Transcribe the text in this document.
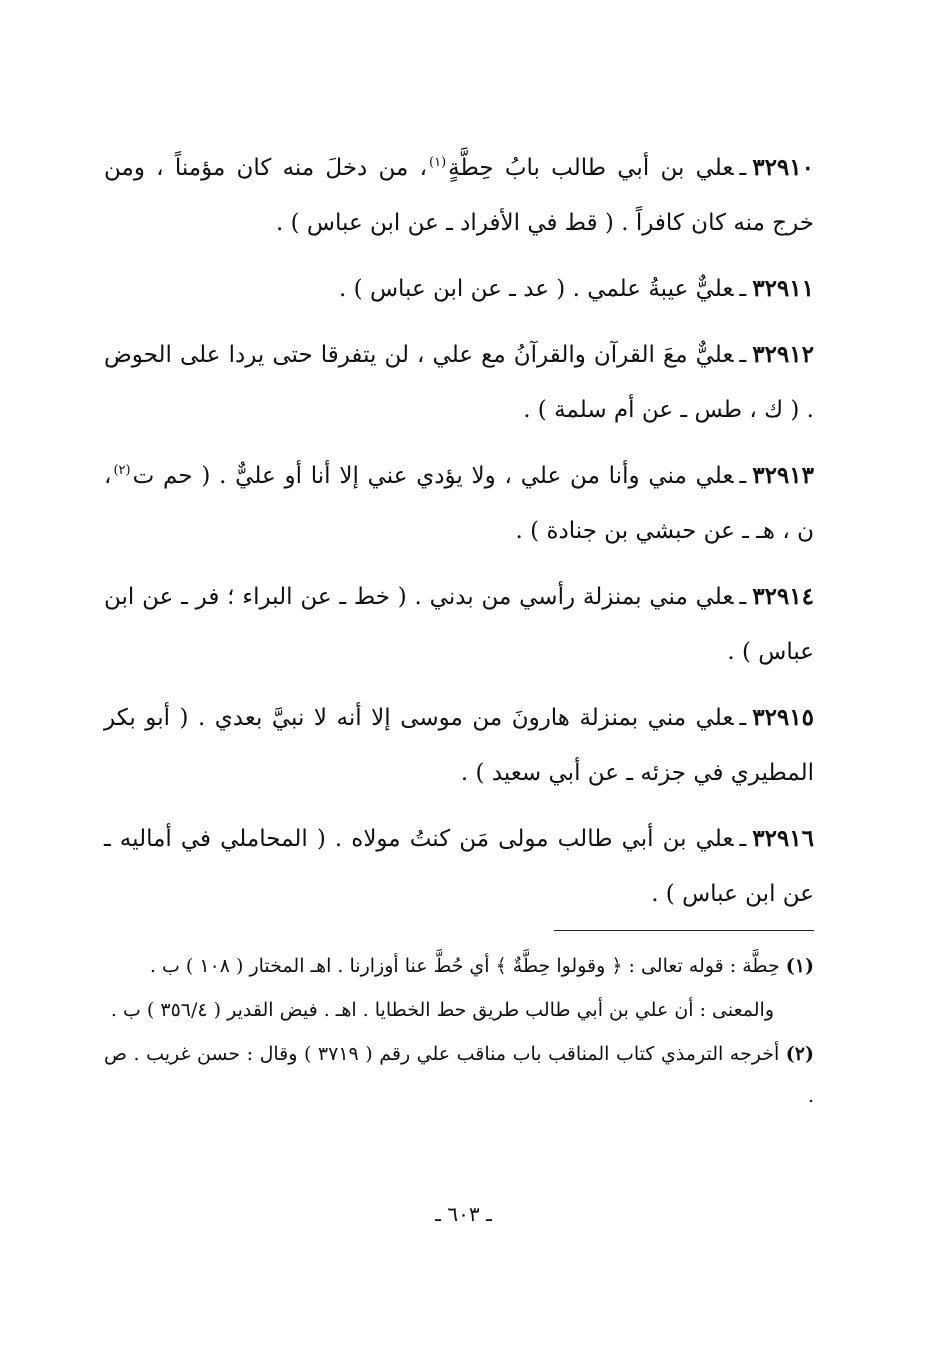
٣٢٩١٠ـعلي بن أبي طالب بابُ حِطَّةٍ$^{(١)}$، من دخلَ منه كان مؤمناً ، ومن خرج منه كان كافراً . ( قط في الأفراد ـ عن ابن عباس ) .

٣٢٩١١ـعليٌّ عيبةُ علمي . ( عد ـ عن ابن عباس ) .

٣٢٩١٢ـعليٌّ معَ القرآن والقرآنُ مع علي ، لن يتفرقا حتى يردا على الحوض . ( ك ، طس ـ عن أم سلمة ) .

٣٢٩١٣ـعلي مني وأنا من علي ، ولا يؤدي عني إلا أنا أو عليٌّ . ( حم ت$^{(٢)}$، ن ، هـ ـ عن حبشي بن جنادة ) .

٣٢٩١٤ـعلي مني بمنزلة رأسي من بدني . ( خط ـ عن البراء ؛ فر ـ عن ابن عباس ) .

٣٢٩١٥ـعلي مني بمنزلة هارونَ من موسى إلا أنه لا نبيَّ بعدي . ( أبو بكر المطيري في جزئه ـ عن أبي سعيد ) .

٣٢٩١٦ـعلي بن أبي طالب مولى مَن كنتُ مولاه . ( المحاملي في أماليه ـ عن ابن عباس ) .

(١) حِطَّة : قوله تعالى : ﴿ وقولوا حِطَّةٌ ﴾ أي حُطَّ عنا أوزارنا . اهـ المختار ( ١٠٨ ) ب .

والمعنى : أن علي بن أبي طالب طريق حط الخطايا . اهـ . فيض القدير ( ٣٥٦/٤ ) ب .

(٢) أخرجه الترمذي كتاب المناقب باب مناقب علي رقم ( ٣٧١٩ ) وقال : حسن غريب . ص .

ـ ٦٠٣ ـ
